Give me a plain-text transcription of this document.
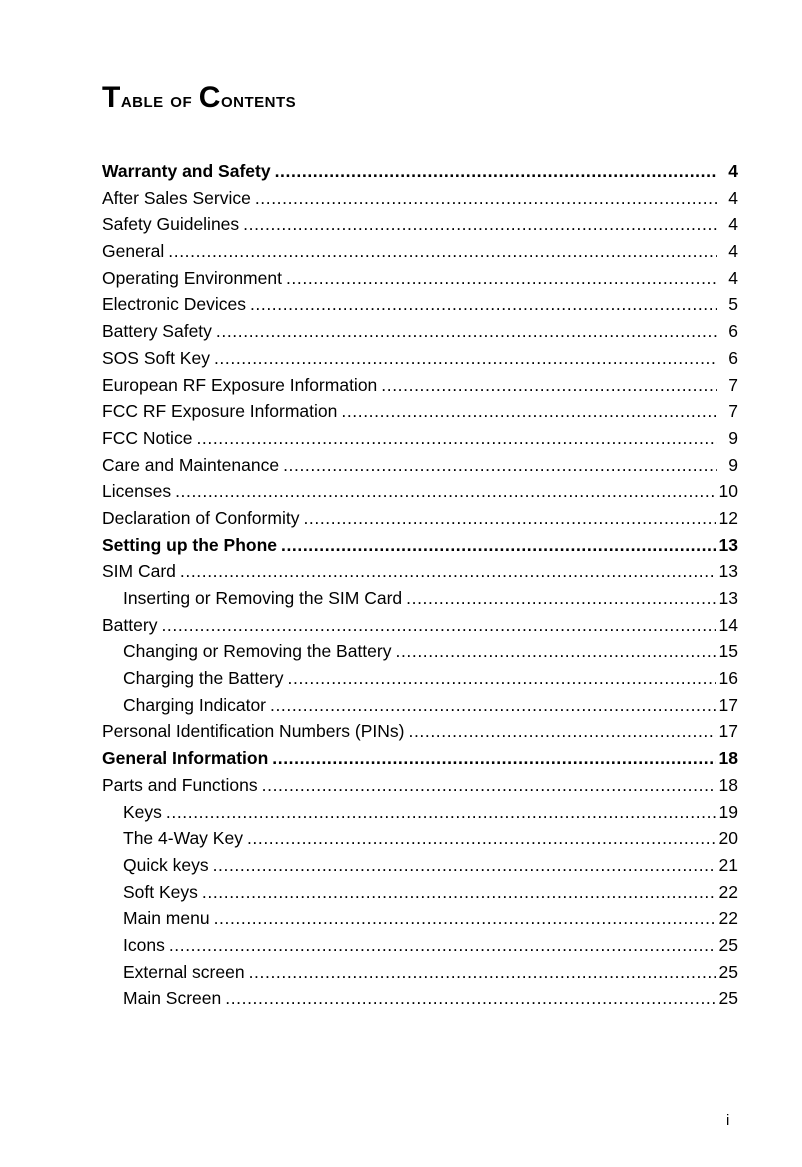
Table of Contents
Warranty and Safety .....	4
After Sales Service .....	4
Safety Guidelines .....	4
General .....	4
Operating Environment .....	4
Electronic Devices .....	5
Battery Safety .....	6
SOS Soft Key .....	6
European RF Exposure Information .....	7
FCC RF Exposure Information .....	7
FCC Notice .....	9
Care and Maintenance .....	9
Licenses .....	10
Declaration of Conformity .....	12
Setting up the Phone .....	13
SIM Card .....	13
Inserting or Removing the SIM Card .....	13
Battery .....	14
Changing or Removing the Battery .....	15
Charging the Battery .....	16
Charging Indicator .....	17
Personal Identification Numbers (PINs) .....	17
General Information .....	18
Parts and Functions .....	18
Keys .....	19
The 4-Way Key .....	20
Quick keys .....	21
Soft Keys .....	22
Main menu .....	22
Icons .....	25
External screen .....	25
Main Screen .....	25
i
